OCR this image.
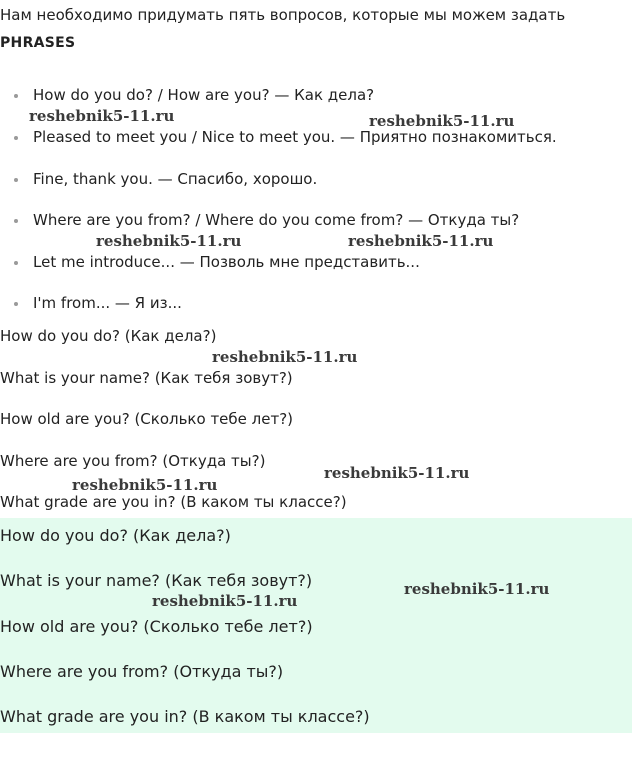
Нам необходимо придумать пять вопросов, которые мы можем задать
PHRASES
How do you do? / How are you? — Как дела?
Pleased to meet you / Nice to meet you. — Приятно познакомиться.
Fine, thank you. — Спасибо, хорошо.
Where are you from? / Where do you come from? — Откуда ты?
Let me introduce... — Позволь мне представить...
I'm from... — Я из...
How do you do? (Как дела?)
What is your name? (Как тебя зовут?)
How old are you? (Сколько тебе лет?)
Where are you from? (Откуда ты?)
What grade are you in? (В каком ты классе?)
How do you do? (Как дела?)
What is your name? (Как тебя зовут?)
How old are you? (Сколько тебе лет?)
Where are you from? (Откуда ты?)
What grade are you in? (В каком ты классе?)
reshebnik5-11.ru	reshebnik5-11.ru
reshebnik5-11.ru	reshebnik5-11.ru
reshebnik5-11.ru
reshebnik5-11.ru
reshebnik5-11.ru
reshebnik5-11.ru
reshebnik5-11.ru
